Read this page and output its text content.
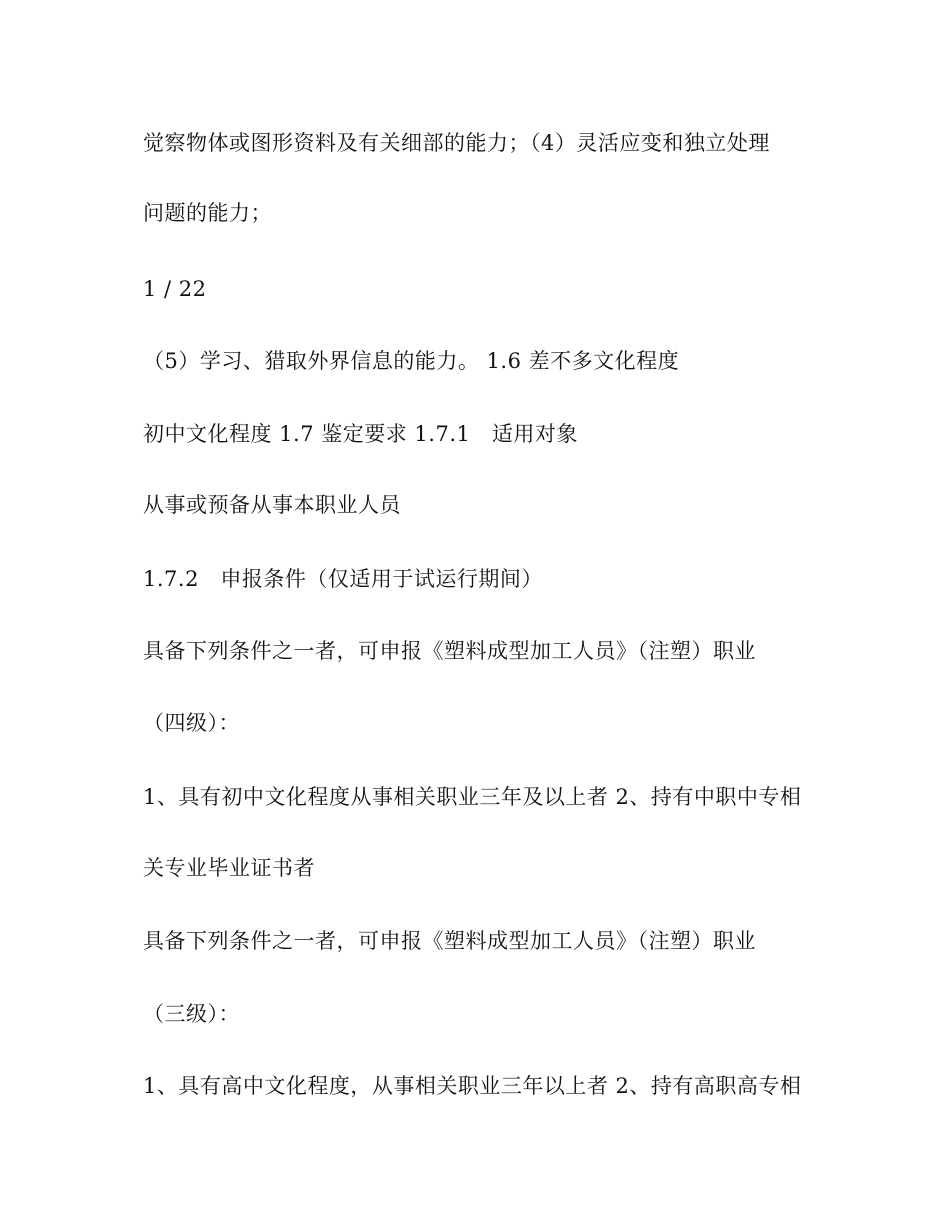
觉察物体或图形资料及有关细部的能力；（4）灵活应变和独立处理
问题的能力；
1 / 22
（5）学习、猎取外界信息的能力。 1.6 差不多文化程度
初中文化程度 1.7 鉴定要求 1.7.1　适用对象
从事或预备从事本职业人员
1.7.2　申报条件（仅适用于试运行期间）
具备下列条件之一者，可申报《塑料成型加工人员》（注塑）职业
（四级）：
1、具有初中文化程度从事相关职业三年及以上者 2、持有中职中专相
关专业毕业证书者
具备下列条件之一者，可申报《塑料成型加工人员》（注塑）职业
（三级）：
1、具有高中文化程度，从事相关职业三年以上者 2、持有高职高专相
